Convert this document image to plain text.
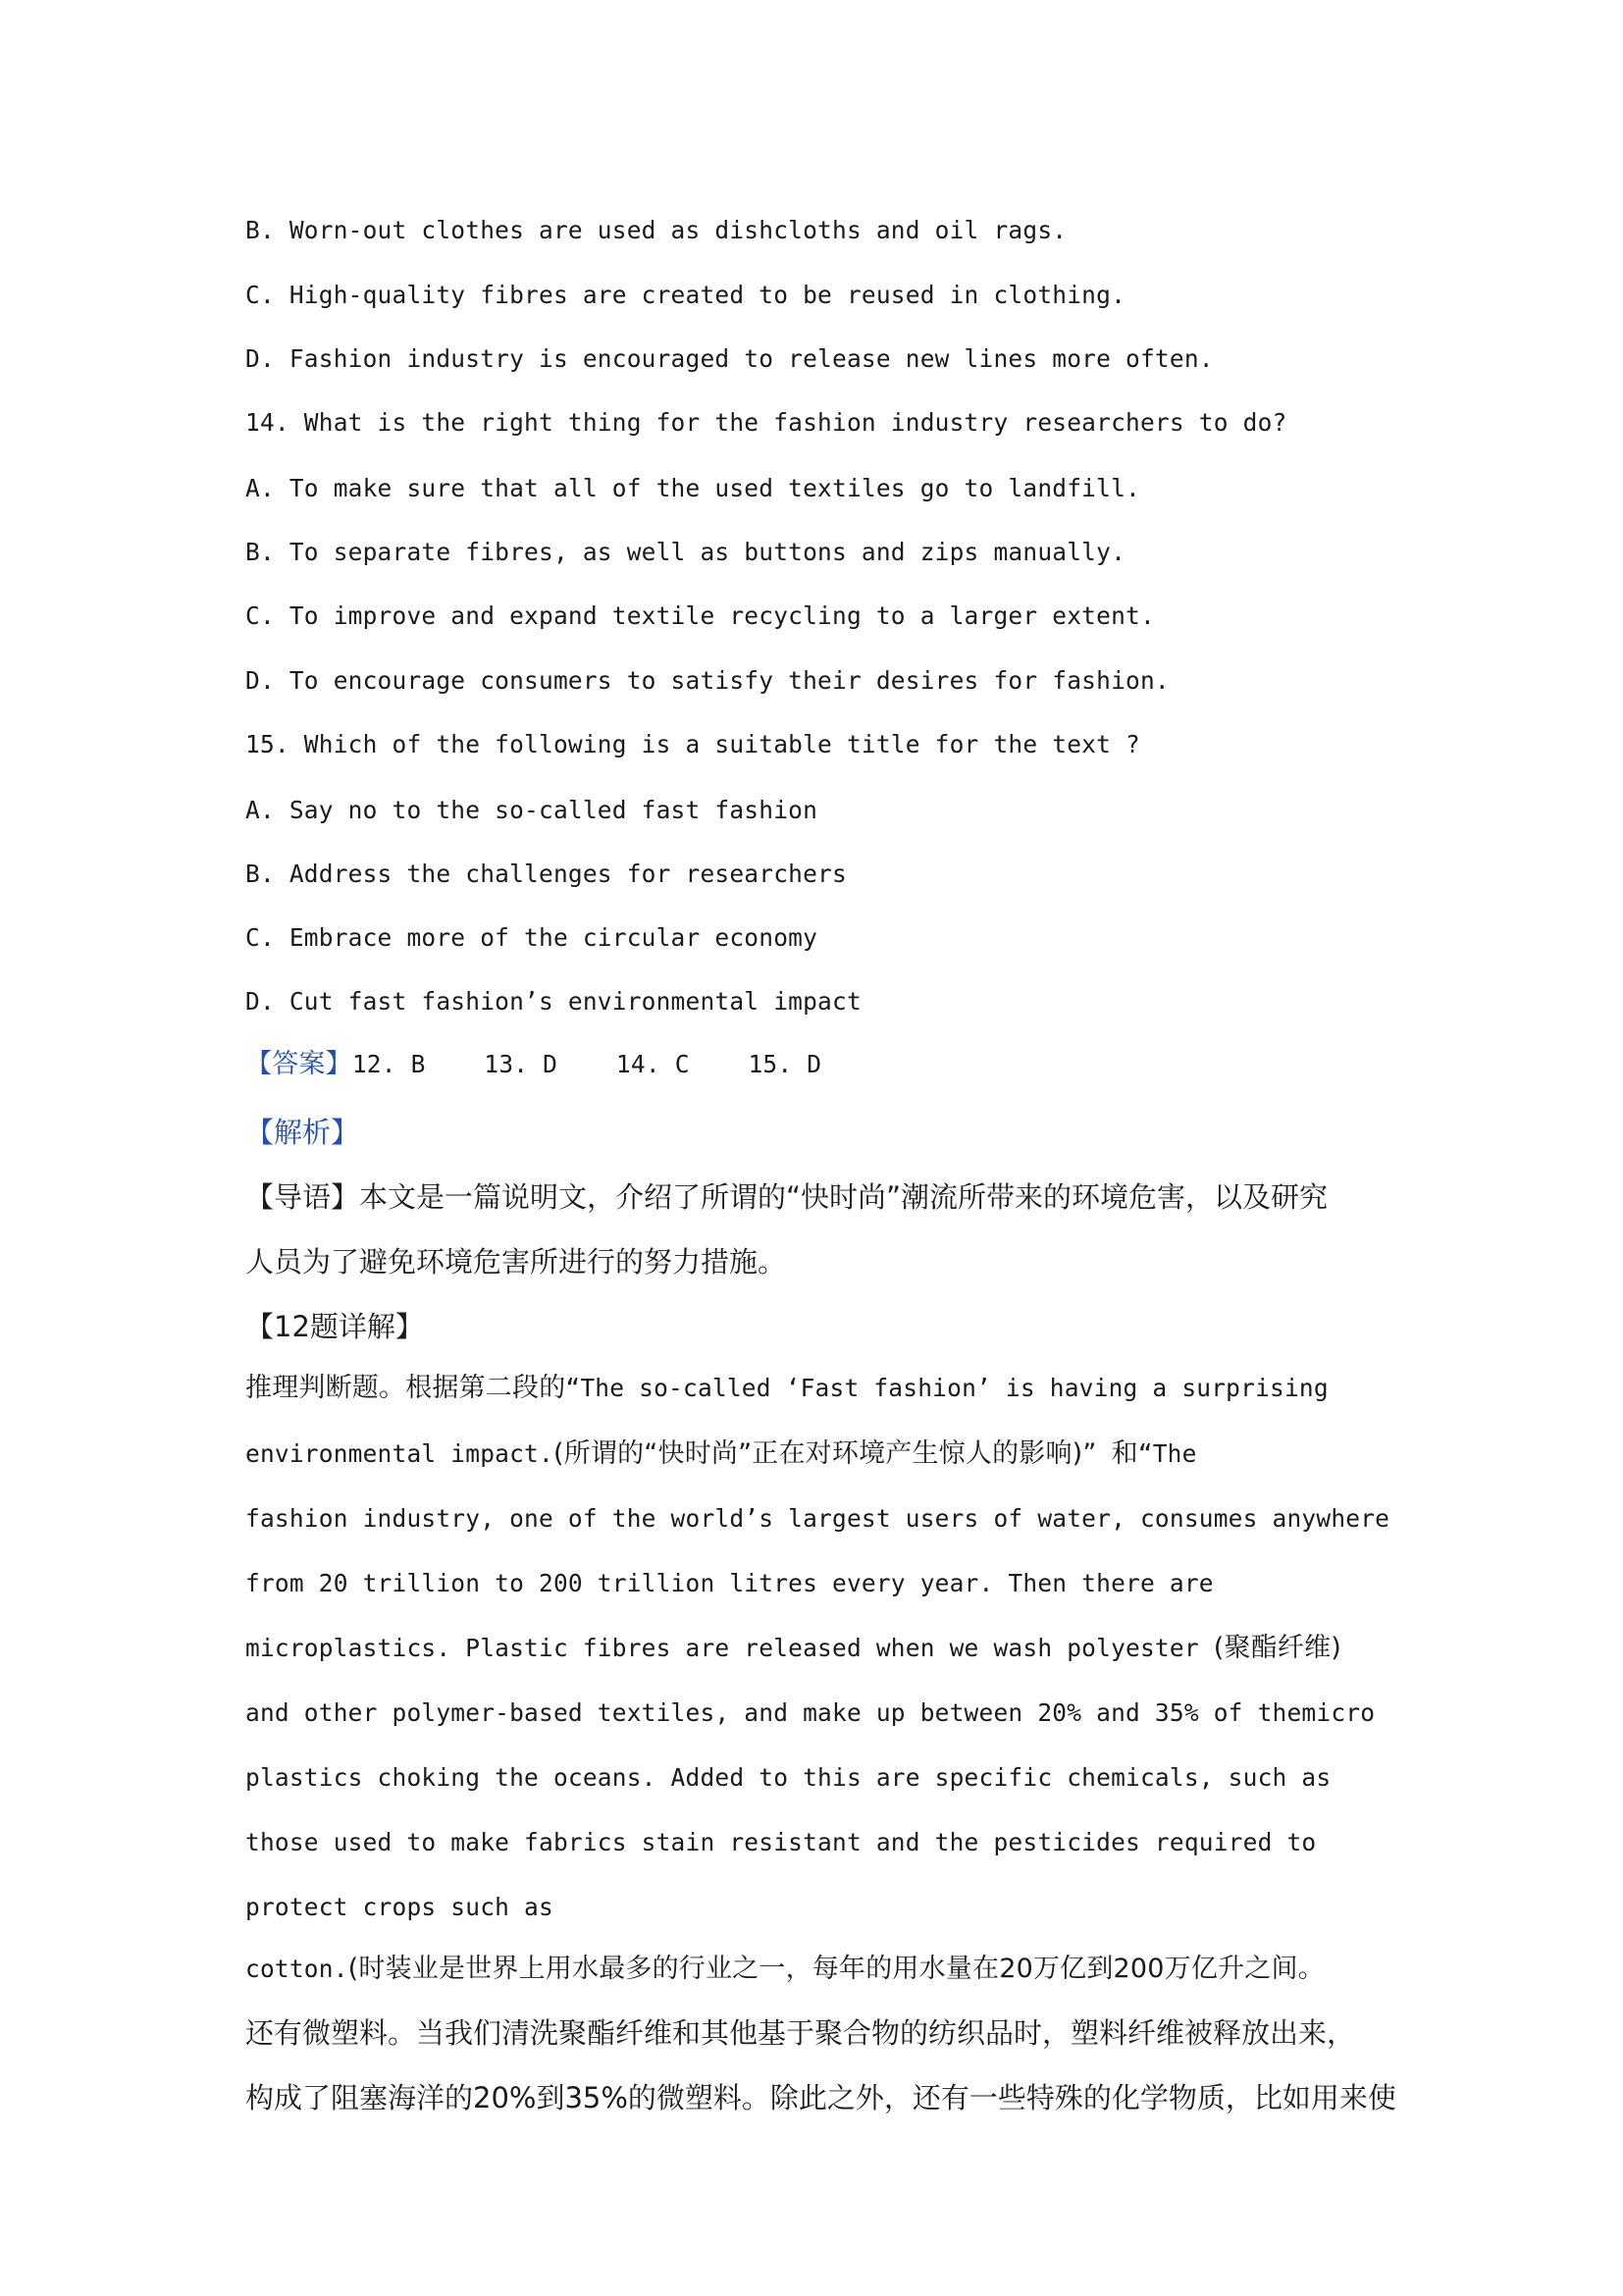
B. Worn-out clothes are used as dishcloths and oil rags.
C. High-quality fibres are created to be reused in clothing.
D. Fashion industry is encouraged to release new lines more often.
14. What is the right thing for the fashion industry researchers to do?
A. To make sure that all of the used textiles go to landfill.
B. To separate fibres, as well as buttons and zips manually.
C. To improve and expand textile recycling to a larger extent.
D. To encourage consumers to satisfy their desires for fashion.
15. Which of the following is a suitable title for the text ?
A. Say no to the so-called fast fashion
B. Address the challenges for researchers
C. Embrace more of the circular economy
D. Cut fast fashion’s environmental impact
【答案】12. B    13. D    14. C    15. D
【解析】
【导语】本文是一篇说明文，介绍了所谓的“快时尚”潮流所带来的环境危害，以及研究
人员为了避免环境危害所进行的努力措施。
【12题详解】
推理判断题。根据第二段的“The so-called ‘Fast fashion’ is having a surprising
environmental impact.(所谓的“快时尚”正在对环境产生惊人的影响)” 和“The
fashion industry, one of the world’s largest users of water, consumes anywhere
from 20 trillion to 200 trillion litres every year. Then there are
microplastics. Plastic fibres are released when we wash polyester (聚酯纤维)
and other polymer-based textiles, and make up between 20% and 35% of themicro
plastics choking the oceans. Added to this are specific chemicals, such as
those used to make fabrics stain resistant and the pesticides required to
protect crops such as
cotton.(时装业是世界上用水最多的行业之一，每年的用水量在20万亿到200万亿升之间。
还有微塑料。当我们清洗聚酯纤维和其他基于聚合物的纺织品时，塑料纤维被释放出来，
构成了阻塞海洋的20%到35%的微塑料。除此之外，还有一些特殊的化学物质，比如用来使
